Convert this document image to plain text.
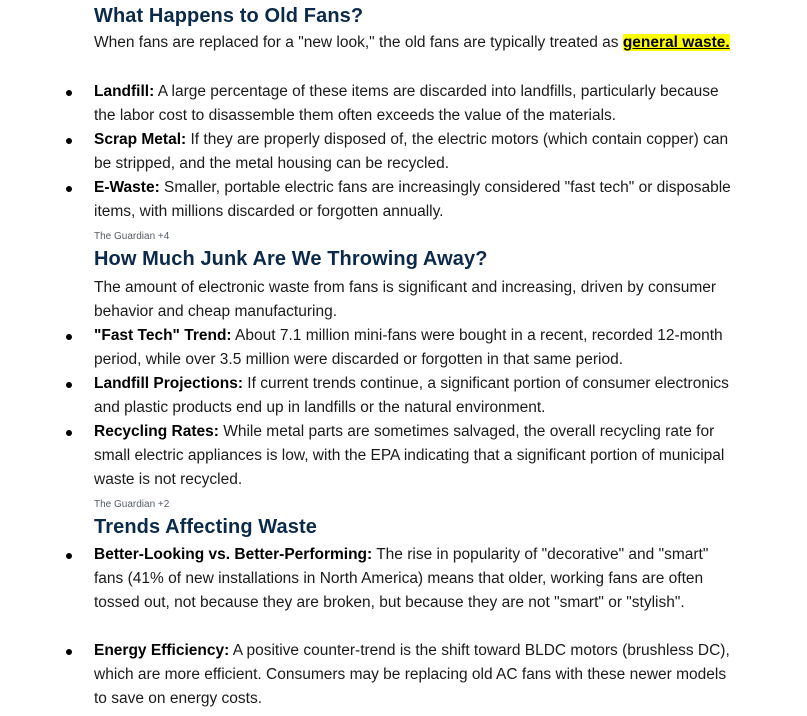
What Happens to Old Fans?
When fans are replaced for a "new look," the old fans are typically treated as general waste.
Landfill: A large percentage of these items are discarded into landfills, particularly because the labor cost to disassemble them often exceeds the value of the materials.
Scrap Metal: If they are properly disposed of, the electric motors (which contain copper) can be stripped, and the metal housing can be recycled.
E-Waste: Smaller, portable electric fans are increasingly considered "fast tech" or disposable items, with millions discarded or forgotten annually.
The Guardian +4
How Much Junk Are We Throwing Away?
The amount of electronic waste from fans is significant and increasing, driven by consumer behavior and cheap manufacturing.
"Fast Tech" Trend: About 7.1 million mini-fans were bought in a recent, recorded 12-month period, while over 3.5 million were discarded or forgotten in that same period.
Landfill Projections: If current trends continue, a significant portion of consumer electronics and plastic products end up in landfills or the natural environment.
Recycling Rates: While metal parts are sometimes salvaged, the overall recycling rate for small electric appliances is low, with the EPA indicating that a significant portion of municipal waste is not recycled.
The Guardian +2
Trends Affecting Waste
Better-Looking vs. Better-Performing: The rise in popularity of "decorative" and "smart" fans (41% of new installations in North America) means that older, working fans are often tossed out, not because they are broken, but because they are not "smart" or "stylish".
Energy Efficiency: A positive counter-trend is the shift toward BLDC motors (brushless DC), which are more efficient. Consumers may be replacing old AC fans with these newer models to save on energy costs.
